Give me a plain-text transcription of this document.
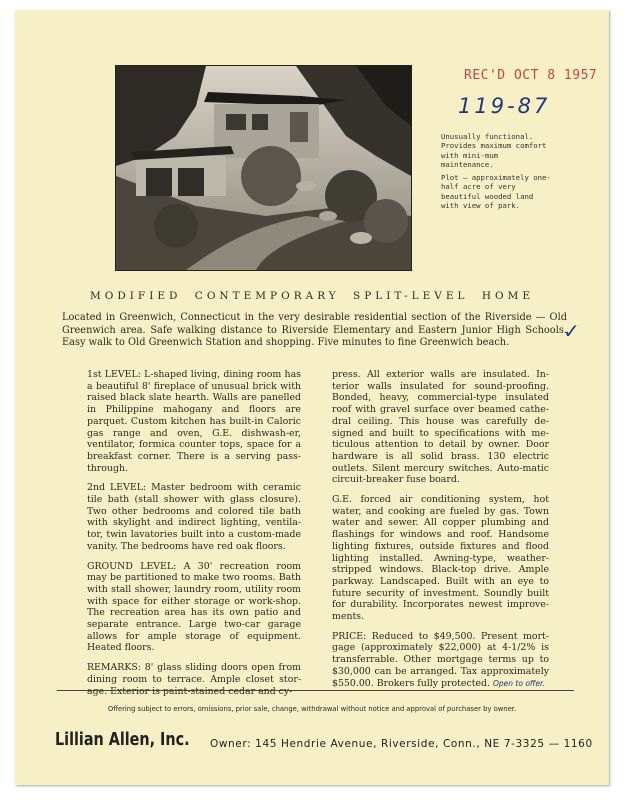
REC'D OCT 8 1957
119-87
Unusually functional. Provides maximum comfort with mini-mum maintenance.
Plot — approximately one-half acre of very beautiful wooded land with view of park.
MODIFIED CONTEMPORARY SPLIT-LEVEL HOME
Located in Greenwich, Connecticut in the very desirable residential section of the Riverside — Old Greenwich area. Safe walking distance to Riverside Elementary and Eastern Junior High Schools. Easy walk to Old Greenwich Station and shopping. Five minutes to fine Greenwich beach.	✓

1st LEVEL: L-shaped living, dining room has a beautiful 8' fireplace of unusual brick with raised black slate hearth. Walls are panelled in Philippine mahogany and floors are parquet. Custom kitchen has built-in Caloric gas range and oven, G.E. dishwash-er, ventilator, formica counter tops, space for a breakfast corner. There is a serving pass-through.

2nd LEVEL: Master bedroom with ceramic tile bath (stall shower with glass closure). Two other bedrooms and colored tile bath with skylight and indirect lighting, ventila-tor, twin lavatories built into a custom-made vanity. The bedrooms have red oak floors.

GROUND LEVEL: A 30' recreation room may be partitioned to make two rooms. Bath with stall shower, laundry room, utility room with space for either storage or work-shop. The recreation area has its own patio and separate entrance. Large two-car garage allows for ample storage of equipment. Heated floors.

REMARKS: 8' glass sliding doors open from dining room to terrace. Ample closet stor-age. Exterior is paint-stained cedar and cy-

press. All exterior walls are insulated. In-terior walls insulated for sound-proofing. Bonded, heavy, commercial-type insulated roof with gravel surface over beamed cathe-dral ceiling. This house was carefully de-signed and built to specifications with me-ticulous attention to detail by owner. Door hardware is all solid brass. 130 electric outlets. Silent mercury switches. Auto-matic circuit-breaker fuse board.

G.E. forced air conditioning system, hot water, and cooking are fueled by gas. Town water and sewer. All copper plumbing and flashings for windows and roof. Handsome lighting fixtures, outside fixtures and flood lighting installed. Awning-type, weather-stripped windows. Black-top drive. Ample parkway. Landscaped. Built with an eye to future security of investment. Soundly built for durability. Incorporates newest improve-ments.

PRICE: Reduced to $49,500. Present mort-gage (approximately $22,000) at 4-1/2% is transferrable. Other mortgage terms up to $30,000 can be arranged. Tax approximately $550.00. Brokers fully protected. Open to offer.

Offering subject to errors, omissions, prior sale, change, withdrawal without notice and approval of purchaser by owner.
Lillian Allen, Inc. Owner: 145 Hendrie Avenue, Riverside, Conn., NE 7-3325 — 1160
